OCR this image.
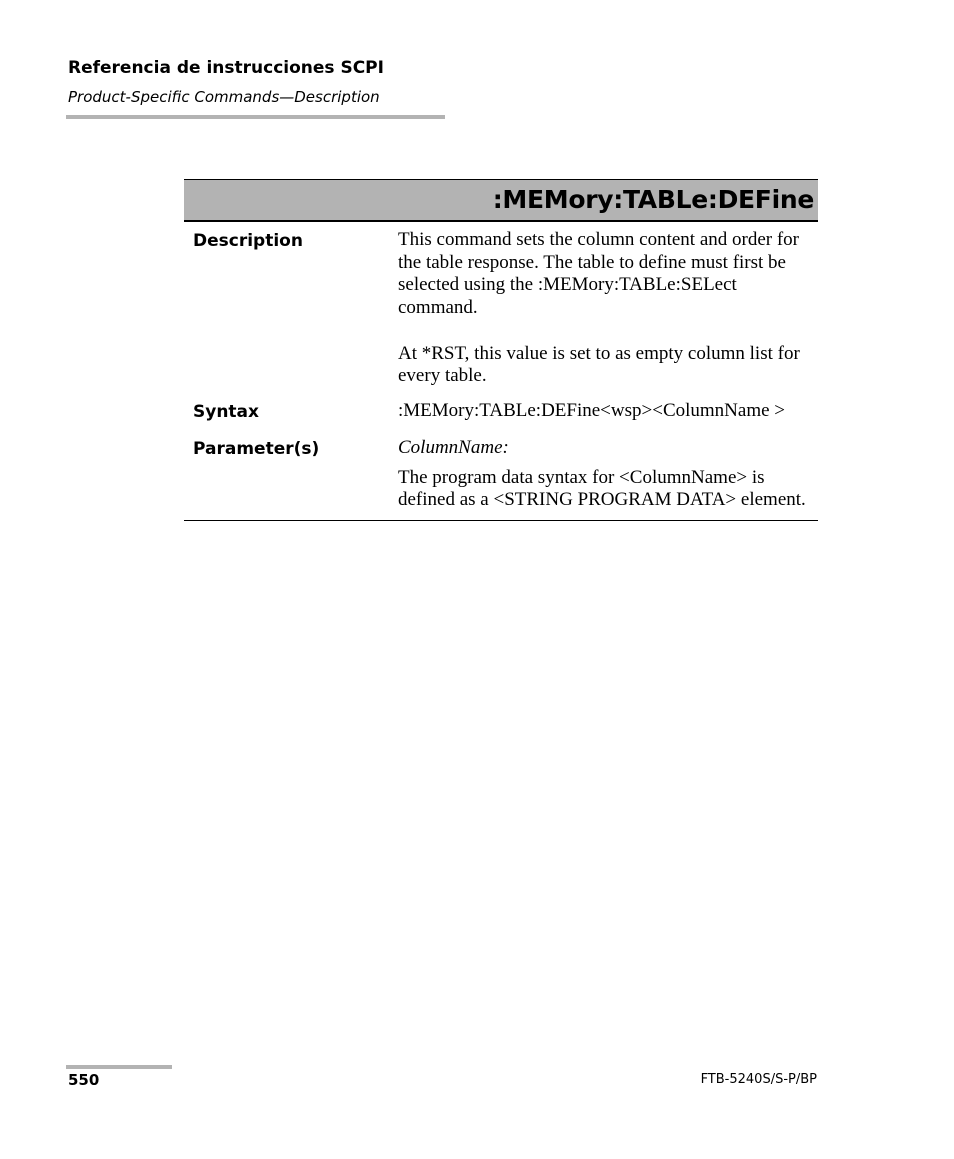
Referencia de instrucciones SCPI
Product-Specific Commands—Description
:MEMory:TABLe:DEFine
Description	This command sets the column content and order for the table response. The table to define must first be selected using the :MEMory:TABLe:SELect command.

At *RST, this value is set to as empty column list for every table.

Syntax	:MEMory:TABLe:DEFine<wsp><ColumnName >

Parameter(s)	ColumnName:

The program data syntax for <ColumnName> is defined as a <STRING PROGRAM DATA> element.

550	FTB-5240S/S-P/BP
